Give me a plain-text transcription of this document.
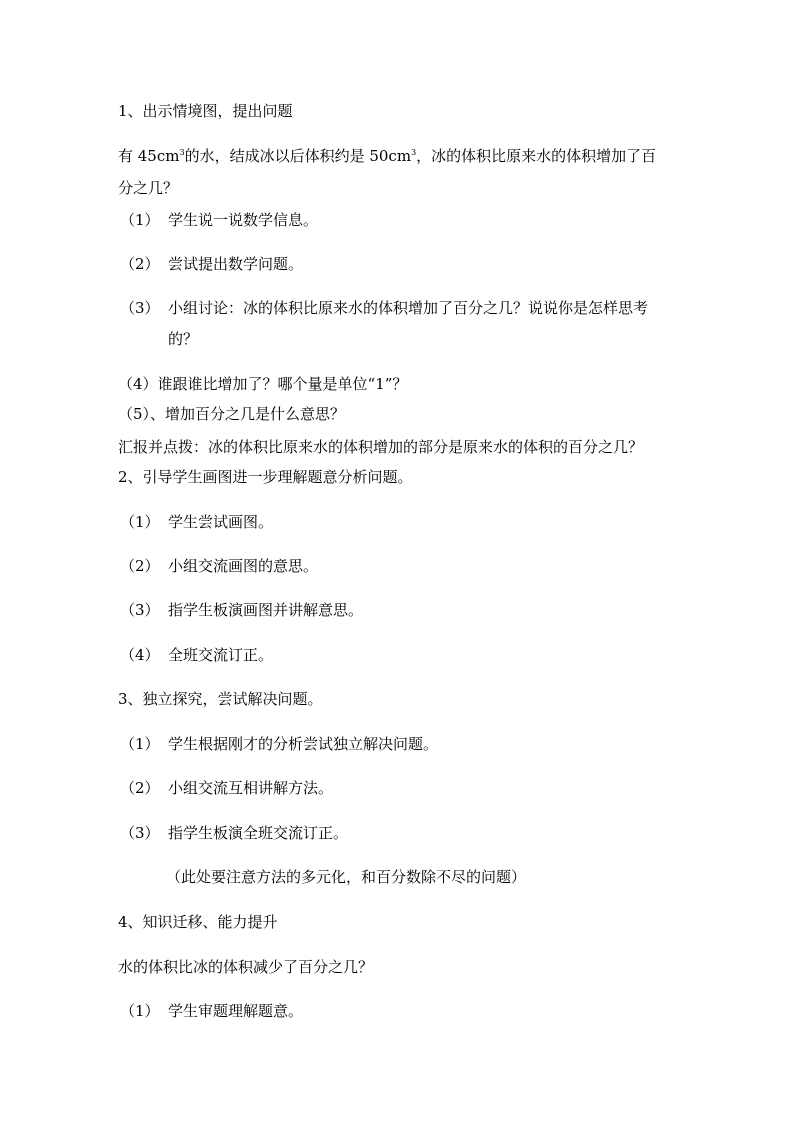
1、出示情境图，提出问题
有 $45cm^3$的水，结成冰以后体积约是 $50cm^3$，冰的体积比原来水的体积增加了百
分之几？
（1） 学生说一说数学信息。
（2） 尝试提出数学问题。
（3） 小组讨论：冰的体积比原来水的体积增加了百分之几？说说你是怎样思考
的？
（4）谁跟谁比增加了？哪个量是单位“1”？
（5）、增加百分之几是什么意思？
汇报并点拨：冰的体积比原来水的体积增加的部分是原来水的体积的百分之几？
2、引导学生画图进一步理解题意分析问题。
（1） 学生尝试画图。
（2） 小组交流画图的意思。
（3） 指学生板演画图并讲解意思。
（4） 全班交流订正。
3、独立探究，尝试解决问题。
（1） 学生根据刚才的分析尝试独立解决问题。
（2） 小组交流互相讲解方法。
（3） 指学生板演全班交流订正。
（此处要注意方法的多元化，和百分数除不尽的问题）
4、知识迁移、能力提升
水的体积比冰的体积减少了百分之几？
（1） 学生审题理解题意。
